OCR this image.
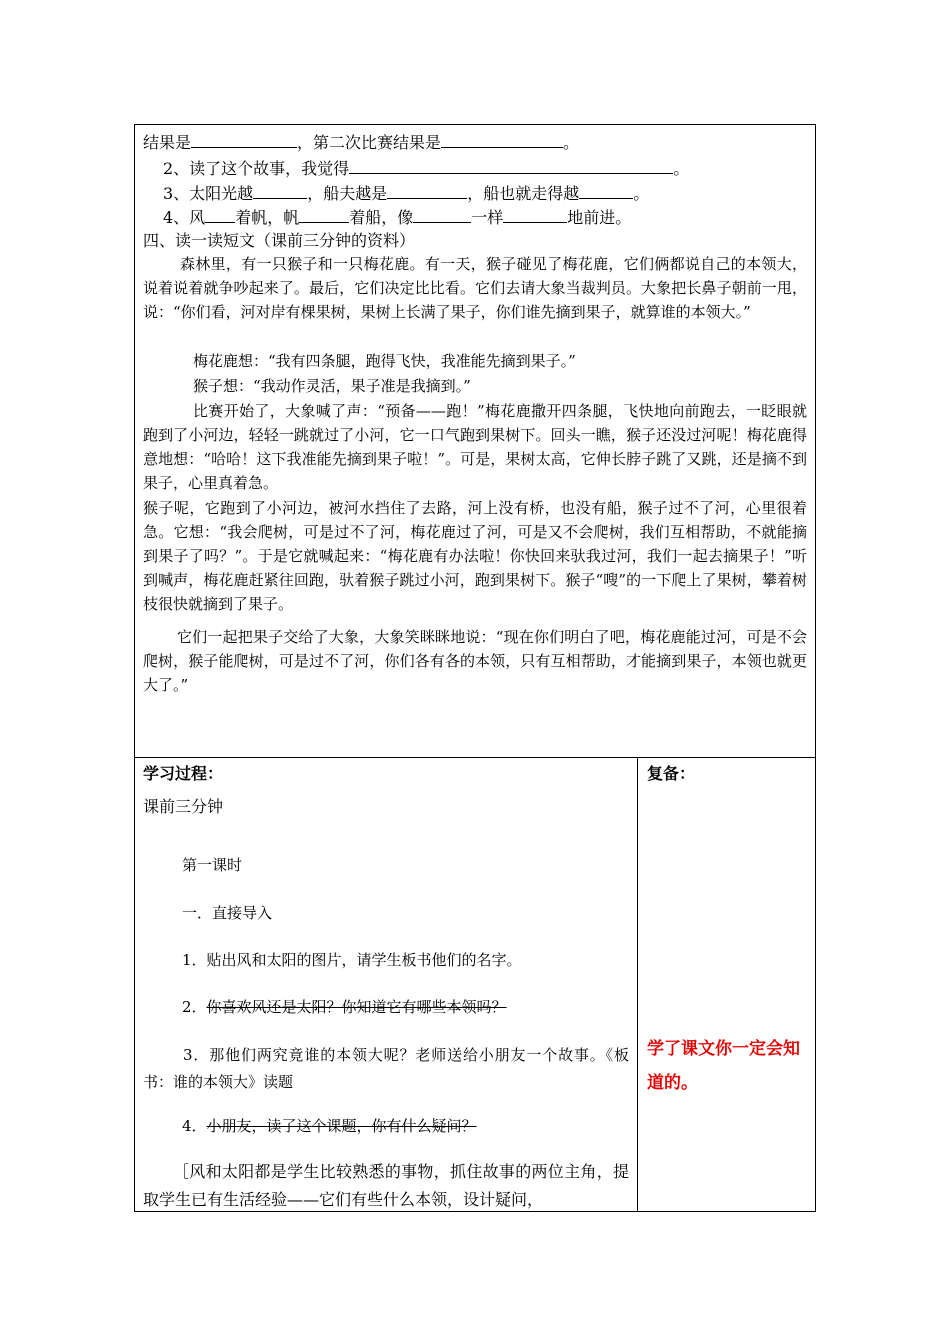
结果是	，第二次比赛结果是	。
2、读了这个故事，我觉得	。
3、太阳光越	，船夫越是	，船也就走得越	。
4、风 着帆，帆	着船，像	一样	地前进。
四、读一读短文（课前三分钟的资料）
森林里，有一只猴子和一只梅花鹿。有一天，猴子碰见了梅花鹿，它们俩都说自己的本领大，说着说着就争吵起来了。最后，它们决定比比看。它们去请大象当裁判员。大象把长鼻子朝前一甩，说：“你们看，河对岸有棵果树，果树上长满了果子，你们谁先摘到果子，就算谁的本领大。”
梅花鹿想：“我有四条腿，跑得飞快，我准能先摘到果子。”
猴子想：“我动作灵活，果子准是我摘到。”
比赛开始了，大象喊了声：“预备——跑！”梅花鹿撒开四条腿，飞快地向前跑去，一眨眼就跑到了小河边，轻轻一跳就过了小河，它一口气跑到果树下。回头一瞧，猴子还没过河呢！梅花鹿得意地想：“哈哈！这下我准能先摘到果子啦！”。可是，果树太高，它伸长脖子跳了又跳，还是摘不到果子，心里真着急。
猴子呢，它跑到了小河边，被河水挡住了去路，河上没有桥，也没有船，猴子过不了河，心里很着急。它想：“我会爬树，可是过不了河，梅花鹿过了河，可是又不会爬树，我们互相帮助，不就能摘到果子了吗？”。于是它就喊起来：“梅花鹿有办法啦！你快回来驮我过河，我们一起去摘果子！”听到喊声，梅花鹿赶紧往回跑，驮着猴子跳过小河，跑到果树下。猴子“嗖”的一下爬上了果树，攀着树枝很快就摘到了果子。
它们一起把果子交给了大象，大象笑眯眯地说：“现在你们明白了吧，梅花鹿能过河，可是不会爬树，猴子能爬树，可是过不了河，你们各有各的本领，只有互相帮助，才能摘到果子，本领也就更大了。”
学习过程：
课前三分钟
第一课时
一．直接导入
1．贴出风和太阳的图片，请学生板书他们的名字。
2．你喜欢风还是太阳？你知道它有哪些本领吗？
3．那他们两究竟谁的本领大呢？老师送给小朋友一个故事。《板书：谁的本领大》读题
4．小朋友，读了这个课题，你有什么疑问？
［风和太阳都是学生比较熟悉的事物，抓住故事的两位主角，提取学生已有生活经验——它们有些什么本领，设计疑问，
复备：
学了课文你一定会知道的。
